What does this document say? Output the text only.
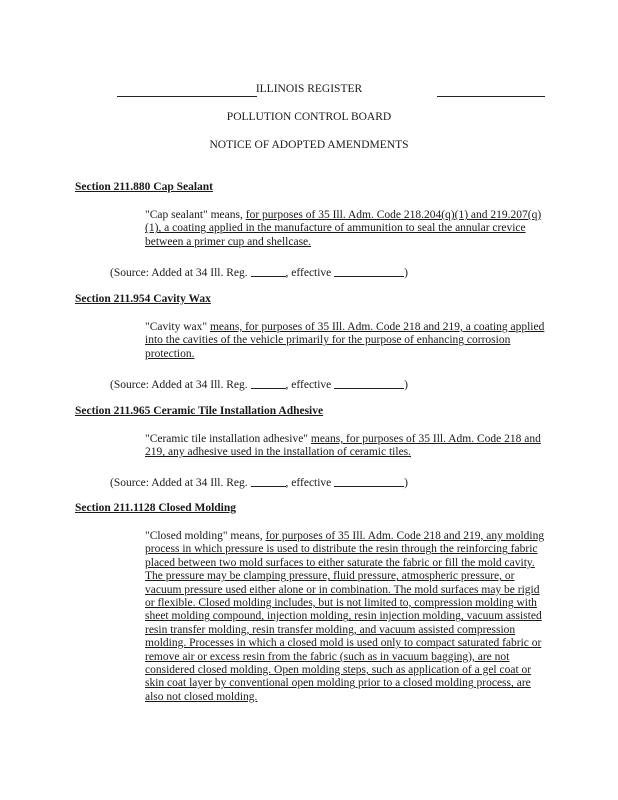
ILLINOIS REGISTER
POLLUTION CONTROL BOARD
NOTICE OF ADOPTED AMENDMENTS
Section 211.880 Cap Sealant
"Cap sealant" means, for purposes of 35 Ill. Adm. Code 218.204(q)(1) and 219.207(q)(1), a coating applied in the manufacture of ammunition to seal the annular crevice between a primer cup and shellcase.
(Source: Added at 34 Ill. Reg.	, effective	)
Section 211.954 Cavity Wax
"Cavity wax" means, for purposes of 35 Ill. Adm. Code 218 and 219, a coating applied into the cavities of the vehicle primarily for the purpose of enhancing corrosion protection.
(Source: Added at 34 Ill. Reg.	, effective	)
Section 211.965 Ceramic Tile Installation Adhesive
"Ceramic tile installation adhesive" means, for purposes of 35 Ill. Adm. Code 218 and 219, any adhesive used in the installation of ceramic tiles.
(Source: Added at 34 Ill. Reg.	, effective	)
Section 211.1128 Closed Molding
"Closed molding" means, for purposes of 35 Ill. Adm. Code 218 and 219, any molding process in which pressure is used to distribute the resin through the reinforcing fabric placed between two mold surfaces to either saturate the fabric or fill the mold cavity. The pressure may be clamping pressure, fluid pressure, atmospheric pressure, or vacuum pressure used either alone or in combination. The mold surfaces may be rigid or flexible. Closed molding includes, but is not limited to, compression molding with sheet molding compound, injection molding, resin injection molding, vacuum assisted resin transfer molding, resin transfer molding, and vacuum assisted compression molding. Processes in which a closed mold is used only to compact saturated fabric or remove air or excess resin from the fabric (such as in vacuum bagging), are not considered closed molding. Open molding steps, such as application of a gel coat or skin coat layer by conventional open molding prior to a closed molding process, are also not closed molding.
